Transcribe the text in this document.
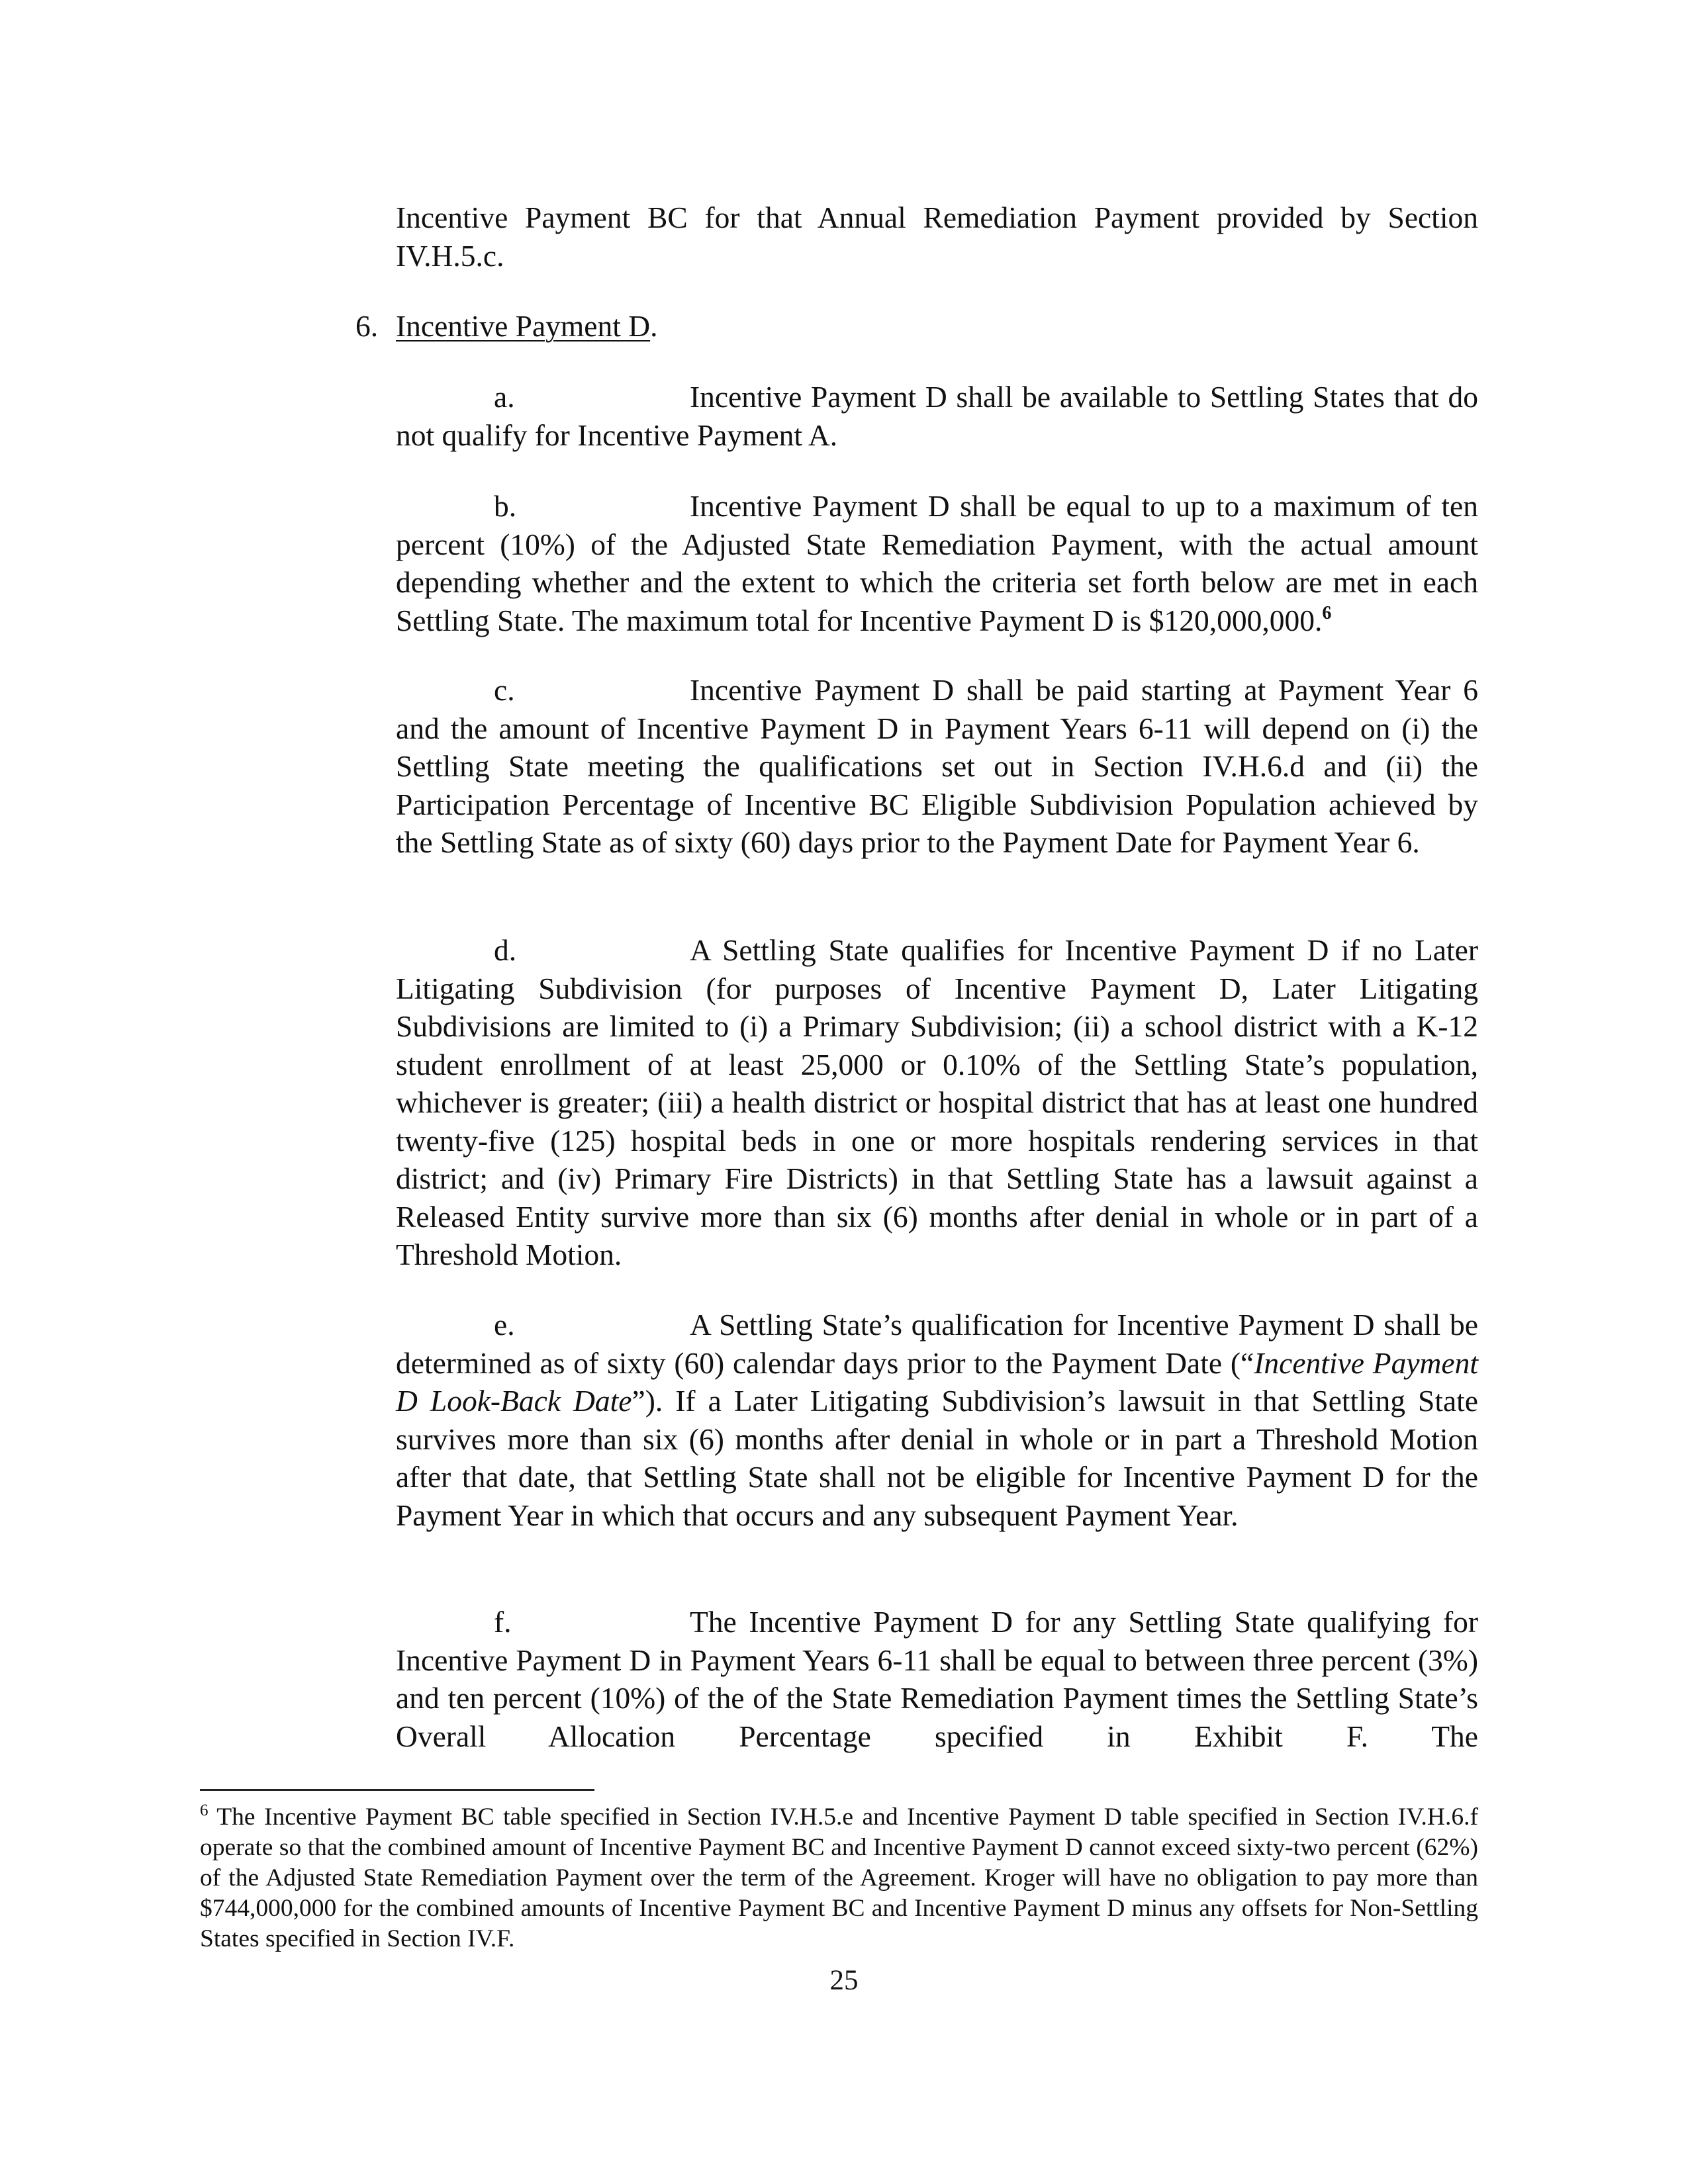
Incentive Payment BC for that Annual Remediation Payment provided by Section
IV.H.5.c.
6. Incentive Payment D.
a.	Incentive Payment D shall be available to Settling States that do not qualify for Incentive Payment A.
b.	Incentive Payment D shall be equal to up to a maximum of ten percent (10%) of the Adjusted State Remediation Payment, with the actual amount depending whether and the extent to which the criteria set forth below are met in each Settling State. The maximum total for Incentive Payment D is $120,000,000.$^6$
c.	Incentive Payment D shall be paid starting at Payment Year 6 and the amount of Incentive Payment D in Payment Years 6-11 will depend on (i) the Settling State meeting the qualifications set out in Section IV.H.6.d and (ii) the Participation Percentage of Incentive BC Eligible Subdivision Population achieved by the Settling State as of sixty (60) days prior to the Payment Date for Payment Year 6.
d.	A Settling State qualifies for Incentive Payment D if no Later Litigating Subdivision (for purposes of Incentive Payment D, Later Litigating Subdivisions are limited to (i) a Primary Subdivision; (ii) a school district with a K-12 student enrollment of at least 25,000 or 0.10% of the Settling State’s population, whichever is greater; (iii) a health district or hospital district that has at least one hundred twenty-five (125) hospital beds in one or more hospitals rendering services in that district; and (iv) Primary Fire Districts) in that Settling State has a lawsuit against a Released Entity survive more than six (6) months after denial in whole or in part of a Threshold Motion.
e.	A Settling State’s qualification for Incentive Payment D shall be determined as of sixty (60) calendar days prior to the Payment Date (“Incentive Payment D Look-Back Date”). If a Later Litigating Subdivision’s lawsuit in that Settling State survives more than six (6) months after denial in whole or in part a Threshold Motion after that date, that Settling State shall not be eligible for Incentive Payment D for the Payment Year in which that occurs and any subsequent Payment Year.
f.	The Incentive Payment D for any Settling State qualifying for Incentive Payment D in Payment Years 6-11 shall be equal to between three percent (3%) and ten percent (10%) of the of the State Remediation Payment times the Settling State’s Overall Allocation Percentage specified in Exhibit F. The
$^6$ The Incentive Payment BC table specified in Section IV.H.5.e and Incentive Payment D table specified in Section IV.H.6.f operate so that the combined amount of Incentive Payment BC and Incentive Payment D cannot exceed sixty-two percent (62%) of the Adjusted State Remediation Payment over the term of the Agreement. Kroger will have no obligation to pay more than $744,000,000 for the combined amounts of Incentive Payment BC and Incentive Payment D minus any offsets for Non-Settling States specified in Section IV.F.
25
